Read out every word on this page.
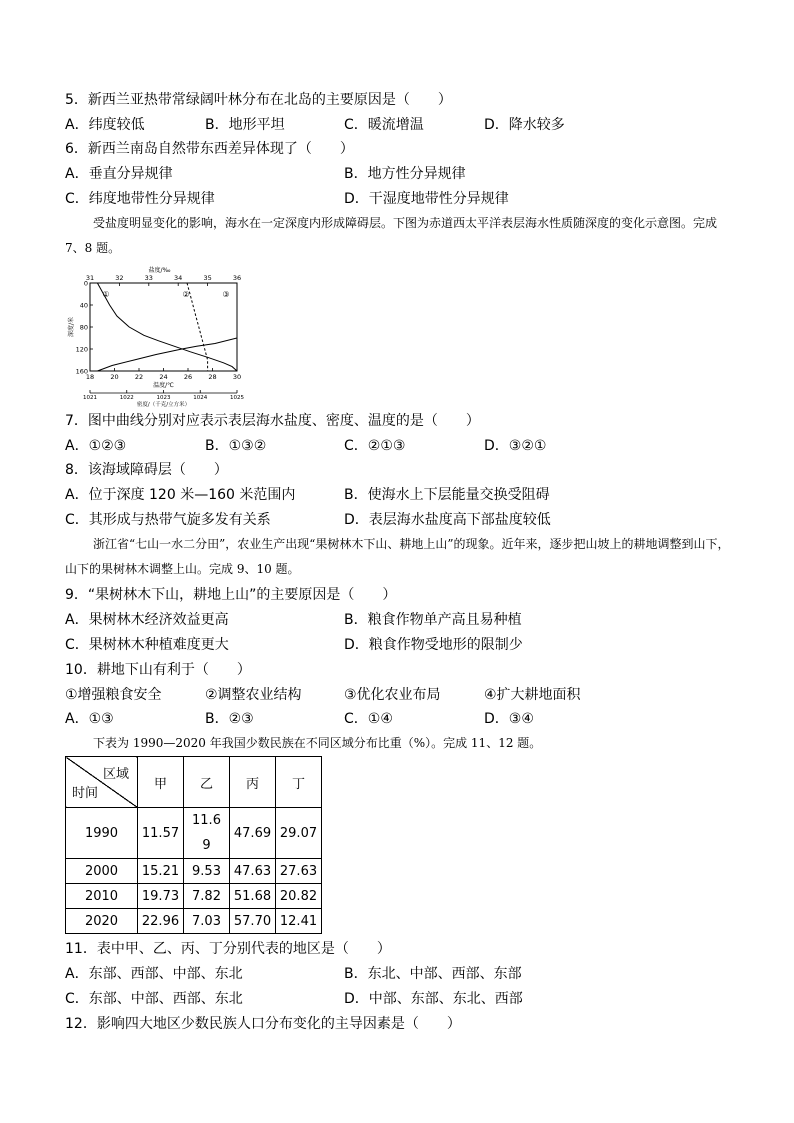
5．新西兰亚热带常绿阔叶林分布在北岛的主要原因是（　　）
A．纬度较低	B．地形平坦	C．暖流增温	D．降水较多
6．新西兰南岛自然带东西差异体现了（　　）
A．垂直分异规律	B．地方性分异规律
C．纬度地带性分异规律	D．干湿度地带性分异规律
受盐度明显变化的影响，海水在一定深度内形成障碍层。下图为赤道西太平洋表层海水性质随深度的变化示意图。完成 7、8 题。
31	32	33	34	35	36
盐度/‰
18 20 22 24 26 28 30
温度/℃
1021	1022	1023	1024	1025
密度/（千克/立方米）
0
40
80
120
160
深度/米
①	②	③
7．图中曲线分别对应表示表层海水盐度、密度、温度的是（　　）
A．①②③	B．①③②	C．②①③	D．③②①
8．该海域障碍层（　　）
A．位于深度 120 米—160 米范围内	B．使海水上下层能量交换受阻碍
C．其形成与热带气旋多发有关系	D．表层海水盐度高下部盐度较低
浙江省“七山一水二分田”，农业生产出现“果树林木下山、耕地上山”的现象。近年来，逐步把山坡上的耕地调整到山下，山下的果树林木调整上山。完成 9、10 题。
9．“果树林木下山，耕地上山”的主要原因是（　　）
A．果树林木经济效益更高	B．粮食作物单产高且易种植
C．果树林木种植难度更大	D．粮食作物受地形的限制少
10．耕地下山有利于（　　）
①增强粮食安全	②调整农业结构	③优化农业布局	④扩大耕地面积
A．①③	B．②③	C．①④	D．③④
下表为 1990—2020 年我国少数民族在不同区域分布比重（%）。完成 11、12 题。
区域
时间	甲	乙	丙	丁
1990	11.57	11.69	47.69	29.07
2000	15.21	9.53	47.63	27.63
2010	19.73	7.82	51.68	20.82
2020	22.96	7.03	57.70	12.41
11．表中甲、乙、丙、丁分别代表的地区是（　　）
A．东部、西部、中部、东北	B．东北、中部、西部、东部
C．东部、中部、西部、东北	D．中部、东部、东北、西部
12．影响四大地区少数民族人口分布变化的主导因素是（　　）
